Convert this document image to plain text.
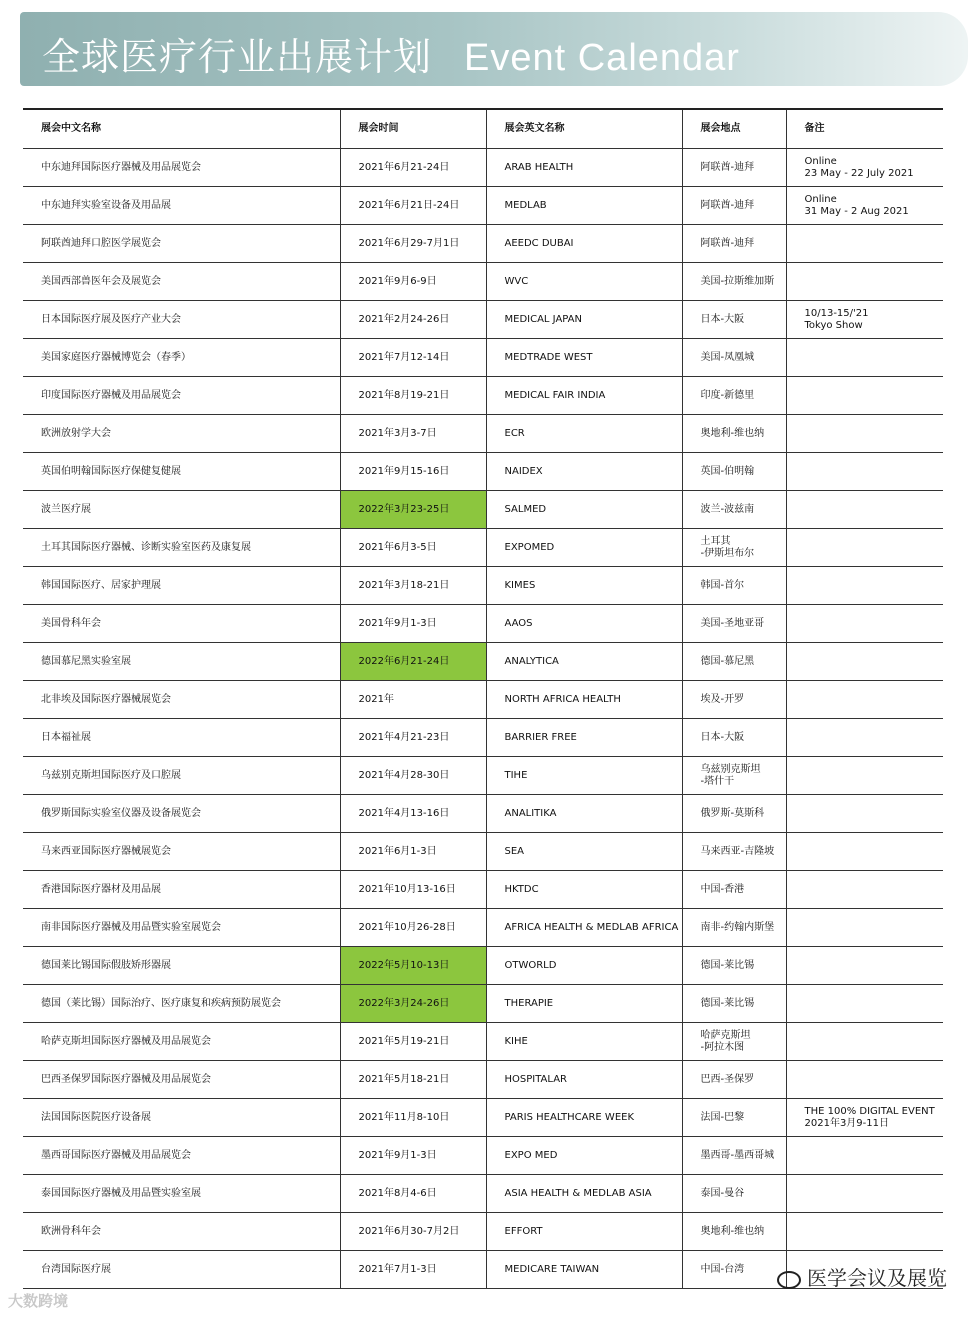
全球医疗行业出展计划 Event Calendar
展会中文名称	展会时间	展会英文名称	展会地点	备注
中东迪拜国际医疗器械及用品展览会	2021年6月21-24日	ARAB HEALTH	阿联酋-迪拜	Online
23 May - 22 July 2021
中东迪拜实验室设备及用品展	2021年6月21日-24日	MEDLAB	阿联酋-迪拜	Online
31 May - 2 Aug 2021
阿联酋迪拜口腔医学展览会	2021年6月29-7月1日	AEEDC DUBAI	阿联酋-迪拜	
美国西部兽医年会及展览会	2021年9月6-9日	WVC	美国-拉斯维加斯	
日本国际医疗展及医疗产业大会	2021年2月24-26日	MEDICAL JAPAN	日本-大阪	10/13-15/'21
Tokyo Show
美国家庭医疗器械博览会（春季）	2021年7月12-14日	MEDTRADE WEST	美国-凤凰城	
印度国际医疗器械及用品展览会	2021年8月19-21日	MEDICAL FAIR INDIA	印度-新德里	
欧洲放射学大会	2021年3月3-7日	ECR	奥地利-维也纳	
英国伯明翰国际医疗保健复健展	2021年9月15-16日	NAIDEX	英国-伯明翰	
波兰医疗展	2022年3月23-25日	SALMED	波兰-波兹南	
土耳其国际医疗器械、诊断实验室医药及康复展	2021年6月3-5日	EXPOMED	土耳其
-伊斯坦布尔	
韩国国际医疗、居家护理展	2021年3月18-21日	KIMES	韩国-首尔	
美国骨科年会	2021年9月1-3日	AAOS	美国-圣地亚哥	
德国慕尼黑实验室展	2022年6月21-24日	ANALYTICA	德国-慕尼黑	
北非埃及国际医疗器械展览会	2021年	NORTH AFRICA HEALTH	埃及-开罗	
日本福祉展	2021年4月21-23日	BARRIER FREE	日本-大阪	
乌兹别克斯坦国际医疗及口腔展	2021年4月28-30日	TIHE	乌兹别克斯坦
-塔什干	
俄罗斯国际实验室仪器及设备展览会	2021年4月13-16日	ANALITIKA	俄罗斯-莫斯科	
马来西亚国际医疗器械展览会	2021年6月1-3日	SEA	马来西亚-吉隆坡	
香港国际医疗器材及用品展	2021年10月13-16日	HKTDC	中国-香港	
南非国际医疗器械及用品暨实验室展览会	2021年10月26-28日	AFRICA HEALTH & MEDLAB AFRICA	南非-约翰内斯堡	
德国莱比锡国际假肢矫形器展	2022年5月10-13日	OTWORLD	德国-莱比锡	
德国（莱比锡）国际治疗、医疗康复和疾病预防展览会	2022年3月24-26日	THERAPIE	德国-莱比锡	
哈萨克斯坦国际医疗器械及用品展览会	2021年5月19-21日	KIHE	哈萨克斯坦
-阿拉木图	
巴西圣保罗国际医疗器械及用品展览会	2021年5月18-21日	HOSPITALAR	巴西-圣保罗	
法国国际医院医疗设备展	2021年11月8-10日	PARIS HEALTHCARE WEEK	法国-巴黎	THE 100% DIGITAL EVENT
2021年3月9-11日
墨西哥国际医疗器械及用品展览会	2021年9月1-3日	EXPO MED	墨西哥-墨西哥城	
泰国国际医疗器械及用品暨实验室展	2021年8月4-6日	ASIA HEALTH & MEDLAB ASIA	泰国-曼谷	
欧洲骨科年会	2021年6月30-7月2日	EFFORT	奥地利-维也纳	
台湾国际医疗展	2021年7月1-3日	MEDICARE TAIWAN	中国-台湾		医学会议及展览
大数跨境
